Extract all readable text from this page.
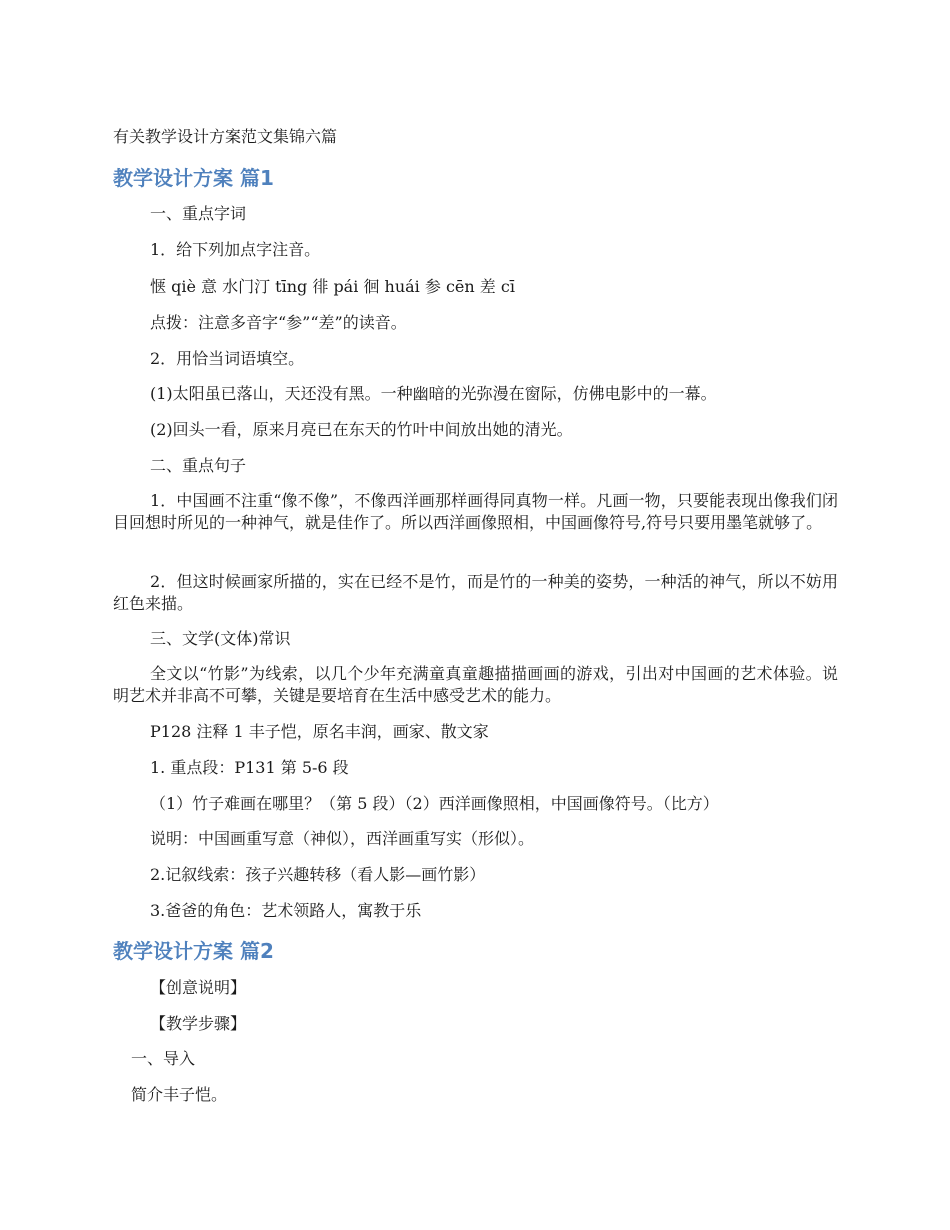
有关教学设计方案范文集锦六篇
教学设计方案 篇1
一、重点字词
1．给下列加点字注音。
惬 qiè 意 水门汀 tīng 徘 pái 徊 huái 参 cēn 差 cī
点拨：注意多音字“参”“差”的读音。
2．用恰当词语填空。
(1)太阳虽已落山，天还没有黑。一种幽暗的光弥漫在窗际，仿佛电影中的一幕。
(2)回头一看，原来月亮已在东天的竹叶中间放出她的清光。
二、重点句子
1．中国画不注重“像不像”，不像西洋画那样画得同真物一样。凡画一物，只要能表现出像我们闭目回想时所见的一种神气，就是佳作了。所以西洋画像照相，中国画像符号,符号只要用墨笔就够了。
2．但这时候画家所描的，实在已经不是竹，而是竹的一种美的姿势，一种活的神气，所以不妨用红色来描。
三、文学(文体)常识
全文以“竹影”为线索，以几个少年充满童真童趣描描画画的游戏，引出对中国画的艺术体验。说明艺术并非高不可攀，关键是要培育在生活中感受艺术的能力。
P128 注释 1 丰子恺，原名丰润，画家、散文家
1. 重点段：P131 第 5-6 段
（1）竹子难画在哪里？（第 5 段）（2）西洋画像照相，中国画像符号。（比方）
说明：中国画重写意（神似），西洋画重写实（形似）。
2.记叙线索：孩子兴趣转移（看人影—画竹影）
3.爸爸的角色：艺术领路人，寓教于乐
教学设计方案 篇2
【创意说明】
【教学步骤】
一、导入
简介丰子恺。
